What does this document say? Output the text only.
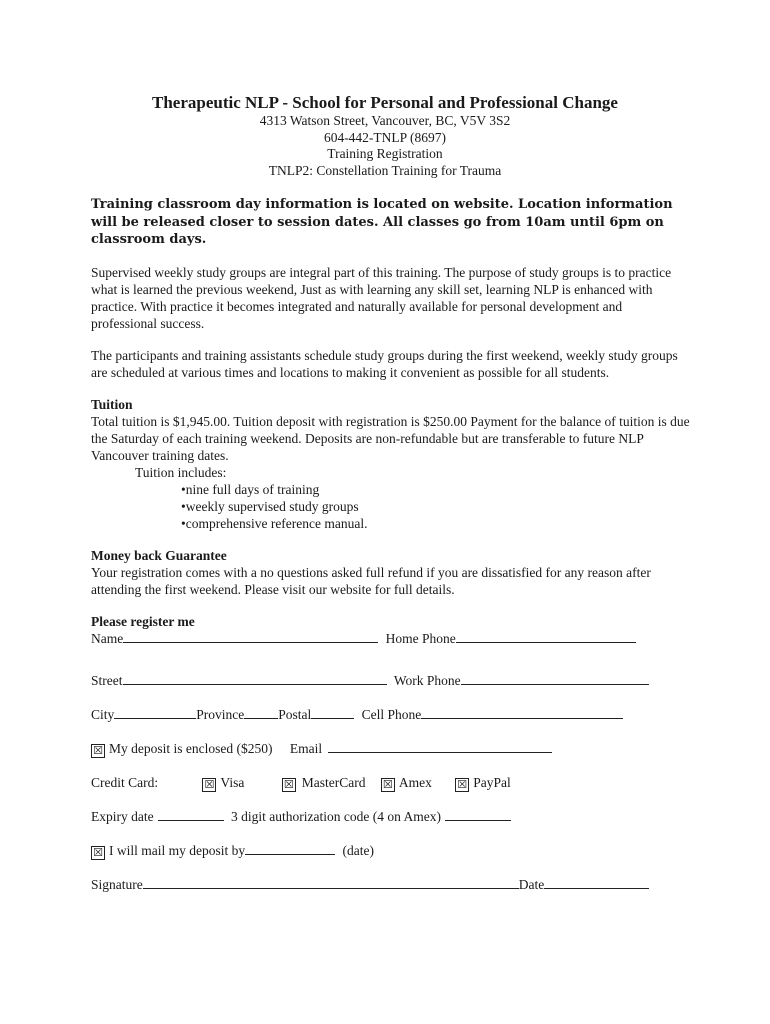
Therapeutic NLP - School for Personal and Professional Change
4313 Watson Street, Vancouver, BC, V5V 3S2
604-442-TNLP (8697)
Training Registration
TNLP2: Constellation Training for Trauma

Training classroom day information is located on website. Location information will be released closer to session dates. All classes go from 10am until 6pm on classroom days.

Supervised weekly study groups are integral part of this training. The purpose of study groups is to practice what is learned the previous weekend, Just as with learning any skill set, learning NLP is enhanced with practice. With practice it becomes integrated and naturally available for personal development and professional success.

The participants and training assistants schedule study groups during the first weekend, weekly study groups are scheduled at various times and locations to making it convenient as possible for all students.

Tuition

Total tuition is $1,945.00. Tuition deposit with registration is $250.00 Payment for the balance of tuition is due the Saturday of each training weekend. Deposits are non-refundable but are transferable to future NLP Vancouver training dates.

Tuition includes:

•nine full days of training

•weekly supervised study groups

•comprehensive reference manual.

Money back Guarantee

Your registration comes with a no questions asked full refund if you are dissatisfied for any reason after attending the first weekend. Please visit our website for full details.

Please register me

Name	Home Phone
Street	Work Phone
City	Province	Postal	Cell Phone
☒ My deposit is enclosed ($250) Email
Credit Card:	☒ Visa	☒ MasterCard ☒ Amex ☒ PayPal
Expiry date	3 digit authorization code (4 on Amex)
☒ I will mail my deposit by	(date)
Signature	Date
